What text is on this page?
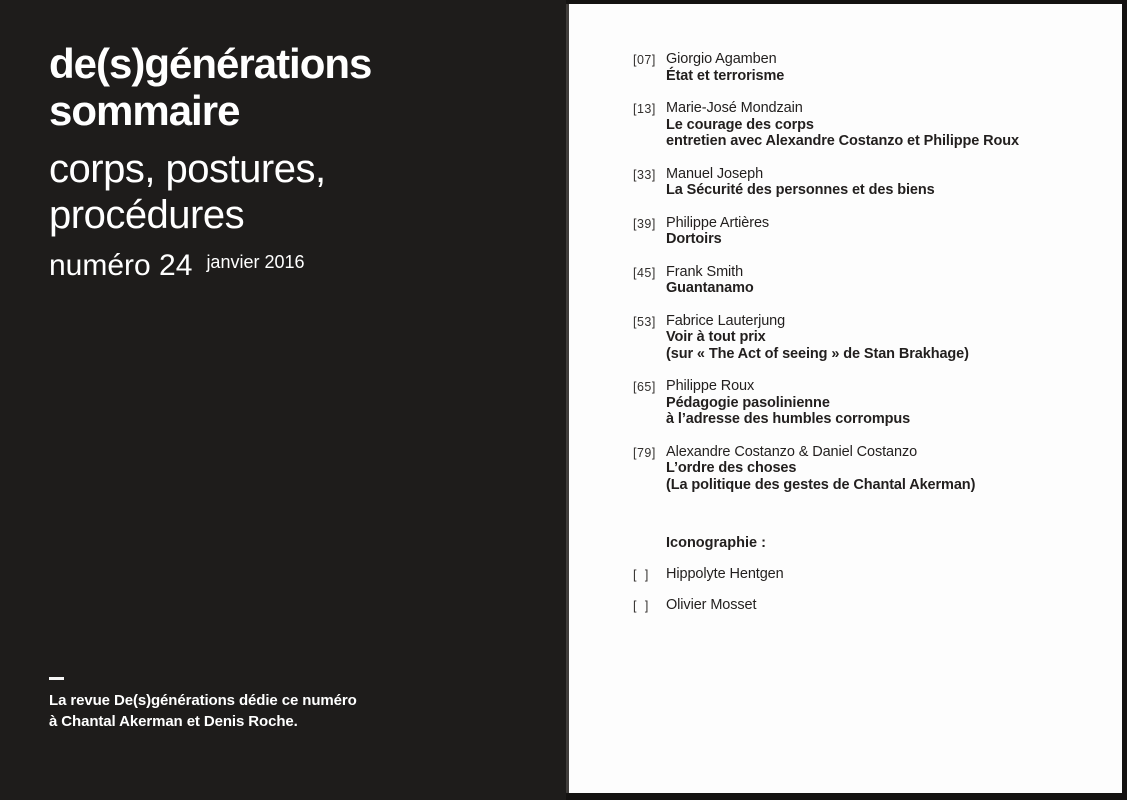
de(s)générations
sommaire
corps, postures,
procédures
numéro 24 janvier 2016
La revue De(s)générations dédie ce numéro
à Chantal Akerman et Denis Roche.
[07] Giorgio Agamben
État et terrorisme
[13] Marie-José Mondzain
Le courage des corps
entretien avec Alexandre Costanzo et Philippe Roux
[33] Manuel Joseph
La Sécurité des personnes et des biens
[39] Philippe Artières
Dortoirs
[45] Frank Smith
Guantanamo
[53] Fabrice Lauterjung
Voir à tout prix
(sur « The Act of seeing » de Stan Brakhage)
[65] Philippe Roux
Pédagogie pasolinienne
à l’adresse des humbles corrompus
[79] Alexandre Costanzo & Daniel Costanzo
L’ordre des choses
(La politique des gestes de Chantal Akerman)
Iconographie :
[  ]	Hippolyte Hentgen
[  ]	Olivier Mosset
